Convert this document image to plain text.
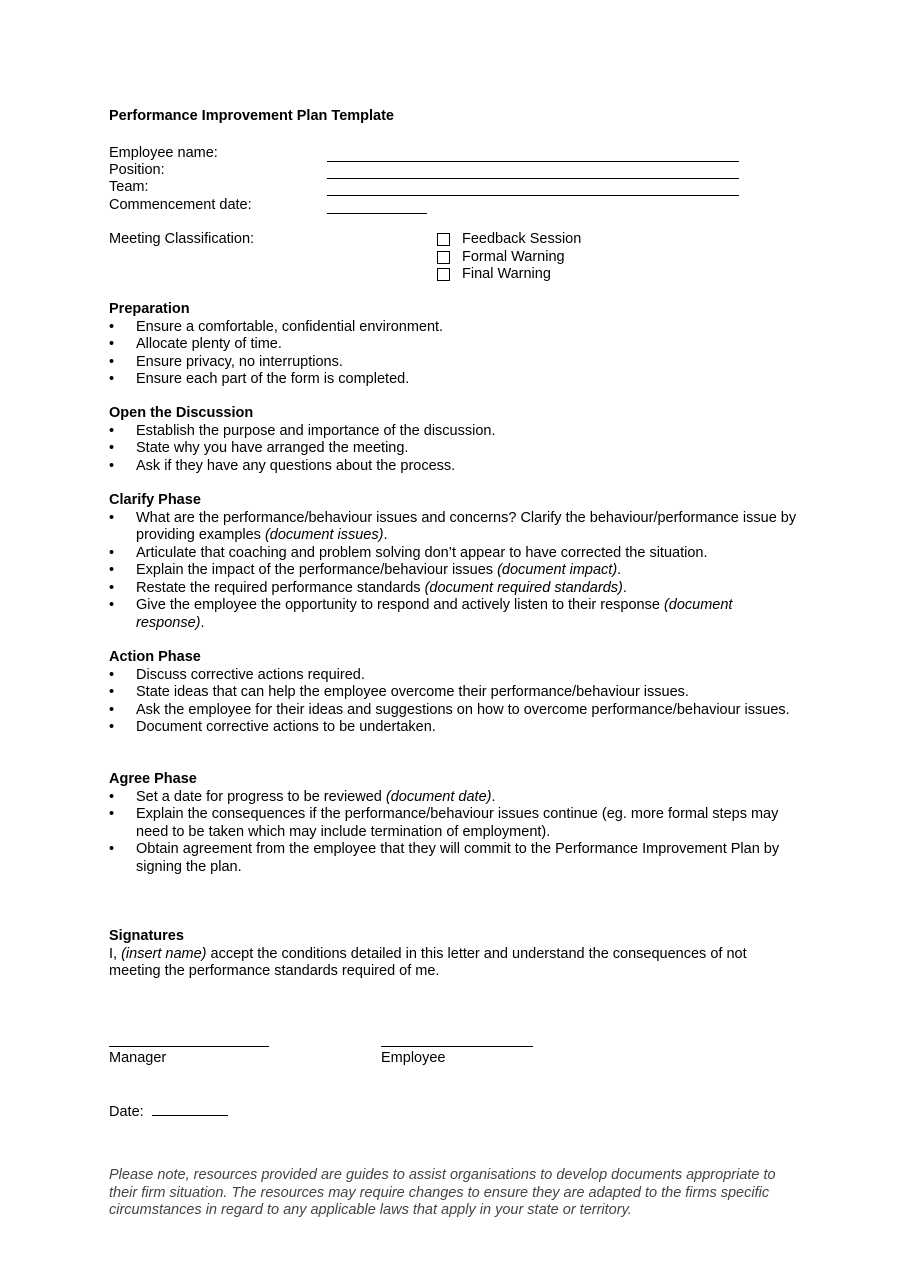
Performance Improvement Plan Template
Employee name:
Position:
Team:
Commencement date:
Meeting Classification:	Feedback Session
Formal Warning
Final Warning
Preparation
•	Ensure a comfortable, confidential environment.
•	Allocate plenty of time.
•	Ensure privacy, no interruptions.
•	Ensure each part of the form is completed.
Open the Discussion
•	Establish the purpose and importance of the discussion.
•	State why you have arranged the meeting.
•	Ask if they have any questions about the process.
Clarify Phase
•	What are the performance/behaviour issues and concerns? Clarify the behaviour/performance issue by providing examples (document issues).
•	Articulate that coaching and problem solving don’t appear to have corrected the situation.
•	Explain the impact of the performance/behaviour issues (document impact).
•	Restate the required performance standards (document required standards).
•	Give the employee the opportunity to respond and actively listen to their response (document response).
Action Phase
•	Discuss corrective actions required.
•	State ideas that can help the employee overcome their performance/behaviour issues.
•	Ask the employee for their ideas and suggestions on how to overcome performance/behaviour issues.
•	Document corrective actions to be undertaken.
Agree Phase
•	Set a date for progress to be reviewed (document date).
•	Explain the consequences if the performance/behaviour issues continue (eg. more formal steps may need to be taken which may include termination of employment).
•	Obtain agreement from the employee that they will commit to the Performance Improvement Plan by signing the plan.
Signatures
I, (insert name) accept the conditions detailed in this letter and understand the consequences of not meeting the performance standards required of me.
Manager	Employee
Date:
Please note, resources provided are guides to assist organisations to develop documents appropriate to their firm situation. The resources may require changes to ensure they are adapted to the firms specific circumstances in regard to any applicable laws that apply in your state or territory.
